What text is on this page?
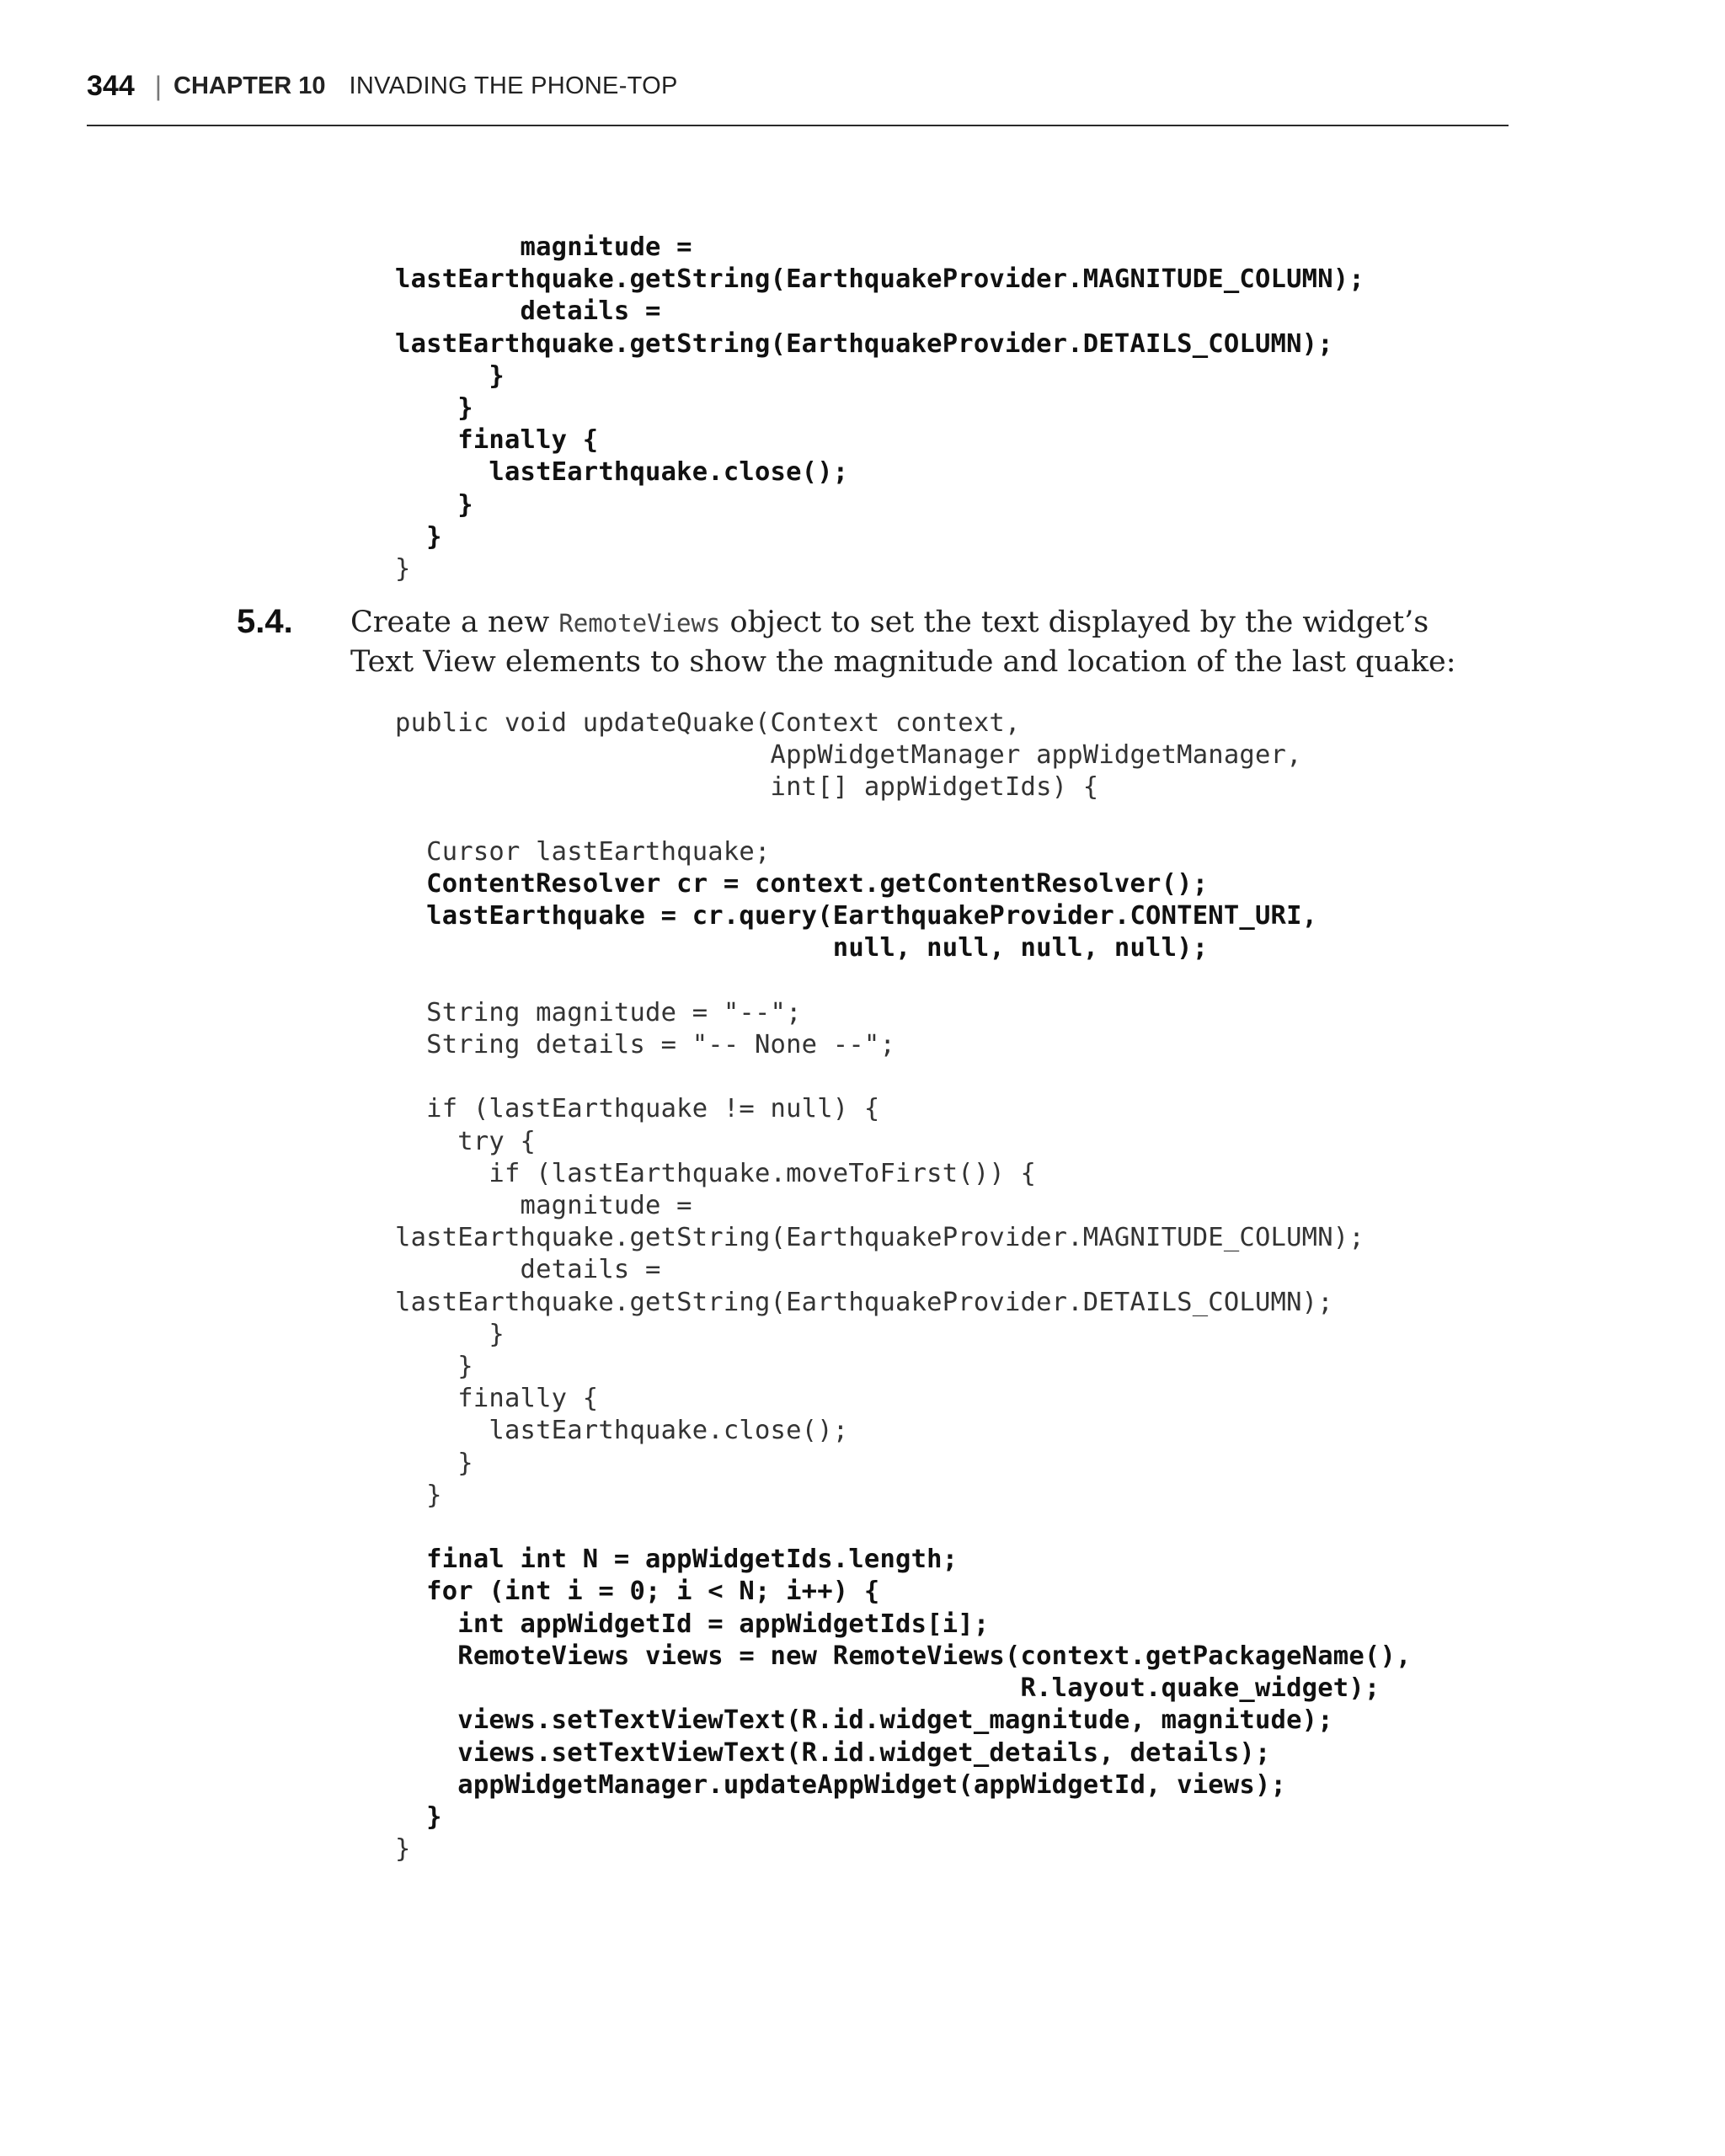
344 | CHAPTER 10 INVADING THE PHONE-TOP
magnitude =
lastEarthquake.getString(EarthquakeProvider.MAGNITUDE_COLUMN);
details =
lastEarthquake.getString(EarthquakeProvider.DETAILS_COLUMN);
}
}
finally {
lastEarthquake.close();
}
}
}

5.4. Create a new RemoteViews object to set the text displayed by the widget’s Text View elements to show the magnitude and location of the last quake:
public void updateQuake(Context context,
AppWidgetManager appWidgetManager,
int[] appWidgetIds) {

Cursor lastEarthquake;
ContentResolver cr = context.getContentResolver();
lastEarthquake = cr.query(EarthquakeProvider.CONTENT_URI,
null, null, null, null);

String magnitude = "--";
String details = "-- None --";

if (lastEarthquake != null) {
try {
if (lastEarthquake.moveToFirst()) {
magnitude =
lastEarthquake.getString(EarthquakeProvider.MAGNITUDE_COLUMN);
details =
lastEarthquake.getString(EarthquakeProvider.DETAILS_COLUMN);
}
}
finally {
lastEarthquake.close();
}
}

final int N = appWidgetIds.length;
for (int i = 0; i < N; i++) {
int appWidgetId = appWidgetIds[i];
RemoteViews views = new RemoteViews(context.getPackageName(),
R.layout.quake_widget);
views.setTextViewText(R.id.widget_magnitude, magnitude);
views.setTextViewText(R.id.widget_details, details);
appWidgetManager.updateAppWidget(appWidgetId, views);
}
}
